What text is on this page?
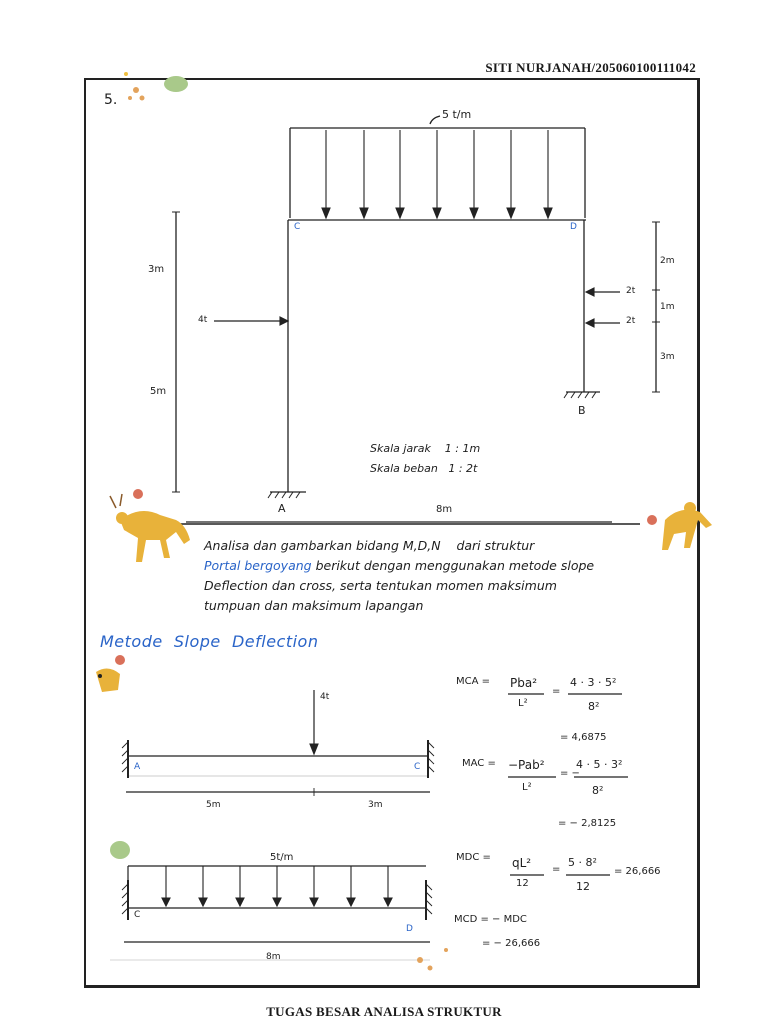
SITI NURJANAH/205060100111042
TUGAS BESAR ANALISA STRUKTUR
5.
5 t/m
C	D
A
B
3m
5m
2m
1m
3m
2t
2t
4t
8m
Skala jarak    1 : 1m
Skala beban   1 : 2t
Analisa dan gambarkan bidang M,D,N    dari struktur
Portal bergoyang berikut dengan menggunakan metode slope
Deflection dan cross, serta tentukan momen maksimum
tumpuan dan maksimum lapangan
Metode  Slope  Deflection
4t
A	C
5m	3m
5t/m
C
D
8m
MCA = Pba²
L²
=
4 · 3 · 5²
8²
= 4,6875
MAC = −Pab²
L²
= −
4 · 5 · 3²
8²
= − 2,8125
MDC = qL²
12
=
5 · 8²
12
= 26,666
MCD = − MDC
= − 26,666
